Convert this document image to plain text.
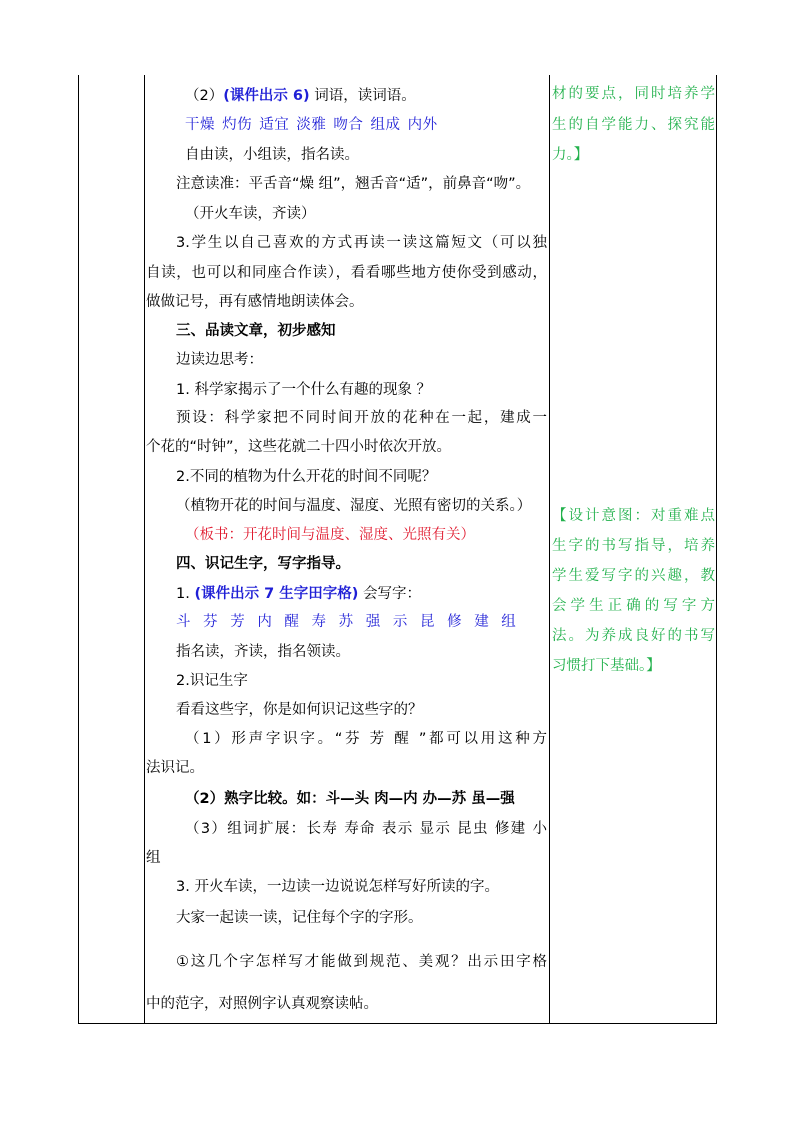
（2）(课件出示 6) 词语，读词语。
干燥 灼伤 适宜 淡雅 吻合 组成 内外
自由读，小组读，指名读。
注意读准：平舌音“燥 组”，翘舌音“适”，前鼻音“吻”。
（开火车读，齐读）
3.学生以自己喜欢的方式再读一读这篇短文（可以独
自读，也可以和同座合作读），看看哪些地方使你受到感动，
做做记号，再有感情地朗读体会。
三、品读文章，初步感知
边读边思考：
1. 科学家揭示了一个什么有趣的现象 ？
预设：科学家把不同时间开放的花种在一起，建成一
个花的“时钟”，这些花就二十四小时依次开放。
2.不同的植物为什么开花的时间不同呢？
（植物开花的时间与温度、湿度、光照有密切的关系。）
（板书：开花时间与温度、湿度、光照有关）
四、识记生字，写字指导。
1. (课件出示 7 生字田字格) 会写字：
斗 芬 芳 内 醒 寿 苏 强 示 昆 修 建 组
指名读，齐读，指名领读。
2.识记生字
看看这些字，你是如何识记这些字的？
（1）形声字识字。“芬 芳 醒 ”都可以用这种方
法识记。
（2）熟字比较。如：斗—头 肉—内 办—苏 虽—强
（3）组词扩展：长寿 寿命 表示 显示 昆虫 修建 小
组
3. 开火车读，一边读一边说说怎样写好所读的字。
大家一起读一读，记住每个字的字形。
①这几个字怎样写才能做到规范、美观？出示田字格
中的范字，对照例字认真观察读帖。
材的要点，同时培养学
生的自学能力、探究能
力。】
【设计意图：对重难点
生字的书写指导，培养
学生爱写字的兴趣，教
会学生正确的写字方
法。为养成良好的书写
习惯打下基础。】
